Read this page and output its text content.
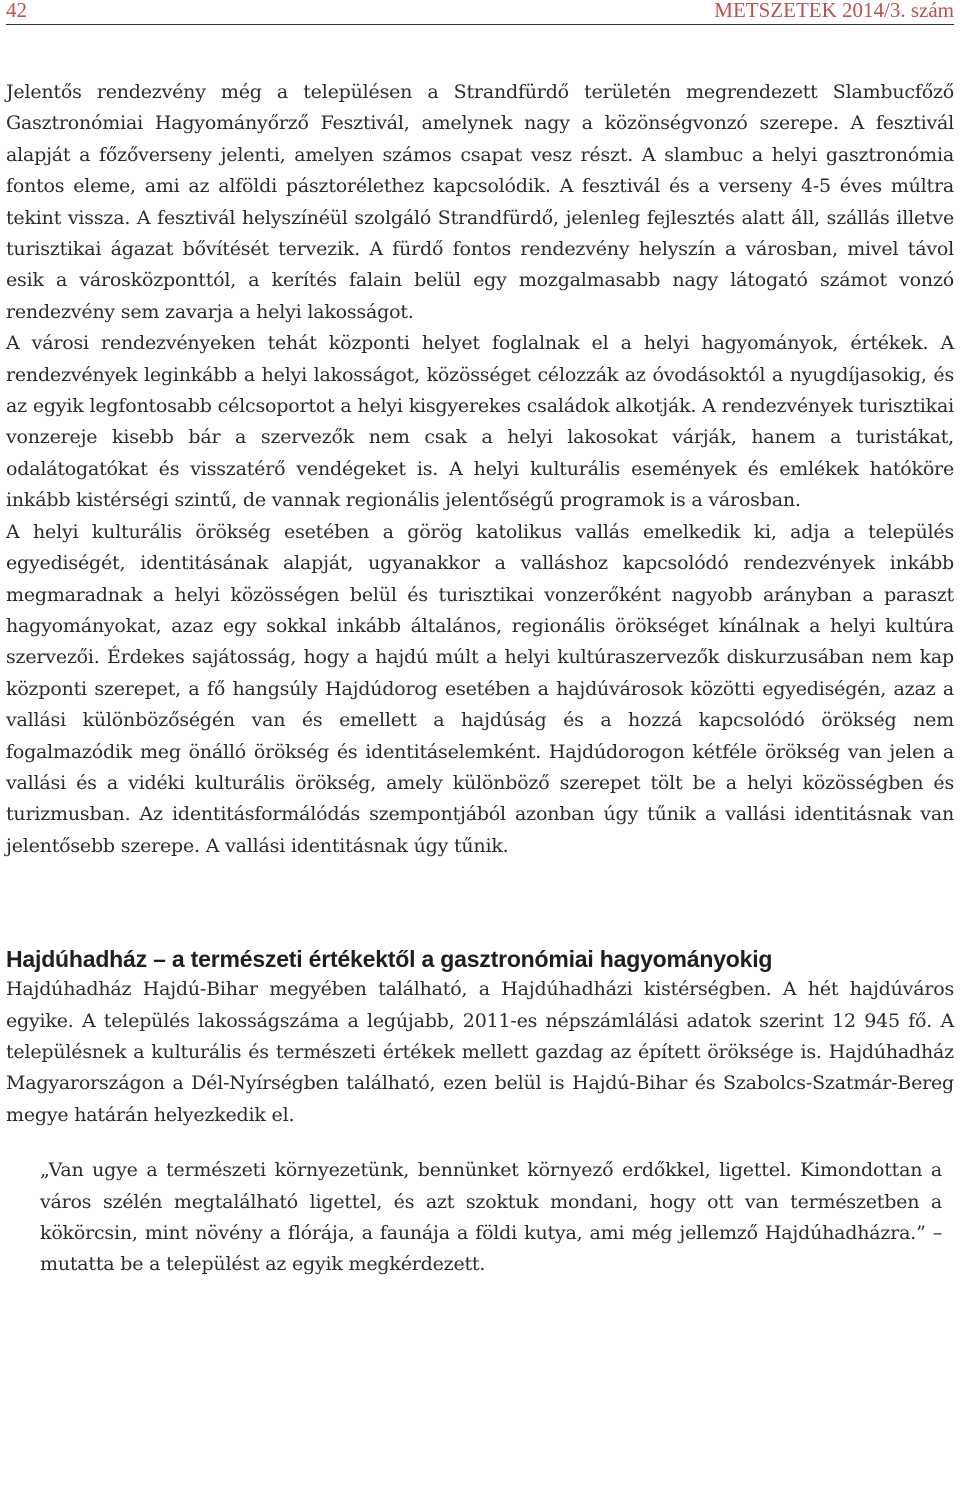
42	METSZETEK 2014/3. szám

Jelentős rendezvény még a településen a Strandfürdő területén megrendezett Slambucfőző Gasztronómiai Hagyományőrző Fesztivál, amelynek nagy a közönségvonzó szerepe. A fesztivál alapját a főzőverseny jelenti, amelyen számos csapat vesz részt. A slambuc a helyi gasztronómia fontos eleme, ami az alföldi pásztorélethez kapcsolódik. A fesztivál és a verseny 4-5 éves múltra tekint vissza. A fesztivál helyszínéül szolgáló Strandfürdő, jelenleg fejlesztés alatt áll, szállás illetve turisztikai ágazat bővítését tervezik. A fürdő fontos rendezvény helyszín a városban, mivel távol esik a városközponttól, a kerítés falain belül egy mozgalmasabb nagy látogató számot vonzó rendezvény sem zavarja a helyi lakosságot.

A városi rendezvényeken tehát központi helyet foglalnak el a helyi hagyományok, értékek. A rendezvények leginkább a helyi lakosságot, közösséget célozzák az óvodásoktól a nyugdíjasokig, és az egyik legfontosabb célcsoportot a helyi kisgyerekes családok alkotják. A rendezvények turisztikai vonzereje kisebb bár a szervezők nem csak a helyi lakosokat várják, hanem a turistákat, odalátogatókat és visszatérő vendégeket is. A helyi kulturális események és emlékek hatóköre inkább kistérségi szintű, de vannak regionális jelentőségű programok is a városban.

A helyi kulturális örökség esetében a görög katolikus vallás emelkedik ki, adja a település egyediségét, identitásának alapját, ugyanakkor a valláshoz kapcsolódó rendezvények inkább megmaradnak a helyi közösségen belül és turisztikai vonzerőként nagyobb arányban a paraszt hagyományokat, azaz egy sokkal inkább általános, regionális örökséget kínálnak a helyi kultúra szervezői. Érdekes sajátosság, hogy a hajdú múlt a helyi kultúraszervezők diskurzusában nem kap központi szerepet, a fő hangsúly Hajdúdorog esetében a hajdúvárosok közötti egyediségén, azaz a vallási különbözőségén van és emellett a hajdúság és a hozzá kapcsolódó örökség nem fogalmazódik meg önálló örökség és identitáselemként. Hajdúdorogon kétféle örökség van jelen a vallási és a vidéki kulturális örökség, amely különböző szerepet tölt be a helyi közösségben és turizmusban. Az identitásformálódás szempontjából azonban úgy tűnik a vallási identitásnak van jelentősebb szerepe. A vallási identitásnak úgy tűnik.

Hajdúhadház – a természeti értékektől a gasztronómiai hagyományokig

Hajdúhadház Hajdú-Bihar megyében található, a Hajdúhadházi kistérségben. A hét hajdúváros egyike. A település lakosságszáma a legújabb, 2011-es népszámlálási adatok szerint 12 945 fő. A településnek a kulturális és természeti értékek mellett gazdag az épített öröksége is. Hajdúhadház Magyarországon a Dél-Nyírségben található, ezen belül is Hajdú-Bihar és Szabolcs-Szatmár-Bereg megye határán helyezkedik el.

„Van ugye a természeti környezetünk, bennünket környező erdőkkel, ligettel. Kimondottan a város szélén megtalálható ligettel, és azt szoktuk mondani, hogy ott van természetben a kökörcsin, mint növény a flórája, a faunája a földi kutya, ami még jellemző Hajdúhadházra.” – mutatta be a települést az egyik megkérdezett.
